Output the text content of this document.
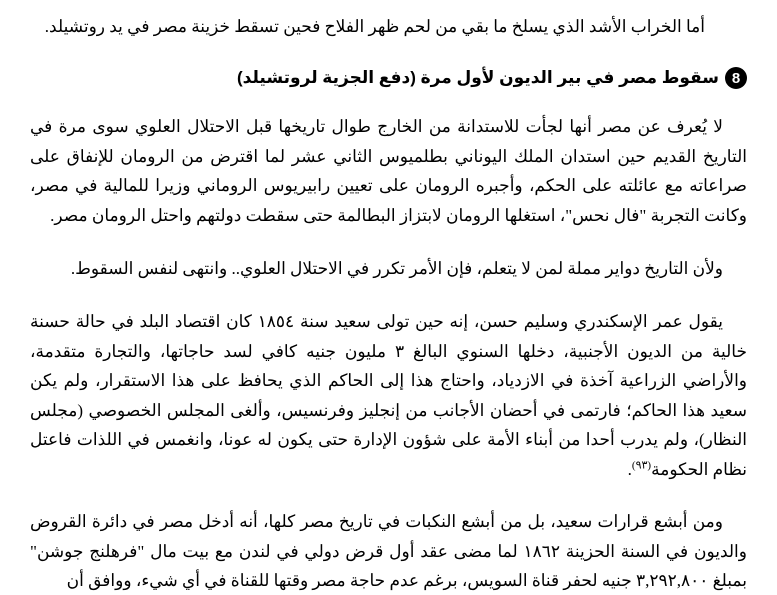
أما الخراب الأشد الذي يسلخ ما بقي من لحم ظهر الفلاح فحين تسقط خزينة مصر في يد روتشيلد.

8
سقوط مصر في بير الديون لأول مرة (دفع الجزية لروتشيلد)

لا يُعرف عن مصر أنها لجأت للاستدانة من الخارج طوال تاريخها قبل الاحتلال العلوي سوى مرة في التاريخ القديم حين استدان الملك اليوناني بطلميوس الثاني عشر لما اقترض من الرومان للإنفاق على صراعاته مع عائلته على الحكم، وأجبره الرومان على تعيين رابيريوس الروماني وزيرا للمالية في مصر، وكانت التجربة "فال نحس"، استغلها الرومان لابتزاز البطالمة حتى سقطت دولتهم واحتل الرومان مصر.

ولأن التاريخ دواير مملة لمن لا يتعلم، فإن الأمر تكرر في الاحتلال العلوي.. وانتهى لنفس السقوط.

يقول عمر الإسكندري وسليم حسن، إنه حين تولى سعيد سنة ١٨٥٤ كان اقتصاد البلد في حالة حسنة خالية من الديون الأجنبية، دخلها السنوي البالغ ٣ مليون جنيه كافي لسد حاجاتها، والتجارة متقدمة، والأراضي الزراعية آخذة في الازدياد، واحتاج هذا إلى الحاكم الذي يحافظ على هذا الاستقرار، ولم يكن سعيد هذا الحاكم؛ فارتمى في أحضان الأجانب من إنجليز وفرنسيس، وألغى المجلس الخصوصي (مجلس النظار)، ولم يدرب أحدا من أبناء الأمة على شؤون الإدارة حتى يكون له عونا، وانغمس في اللذات فاعتل نظام الحكومة$^{(٩٣)}$.

ومن أبشع قرارات سعيد، بل من أبشع النكبات في تاريخ مصر كلها، أنه أدخل مصر في دائرة القروض والديون في السنة الحزينة ١٨٦٢ لما مضى عقد أول قرض دولي في لندن مع بيت مال "فرهلنج جوشن" بمبلغ ٣,٢٩٢,٨٠٠ جنيه لحفر قناة السويس، برغم عدم حاجة مصر وقتها للقناة في أي شيء، ووافق أن
